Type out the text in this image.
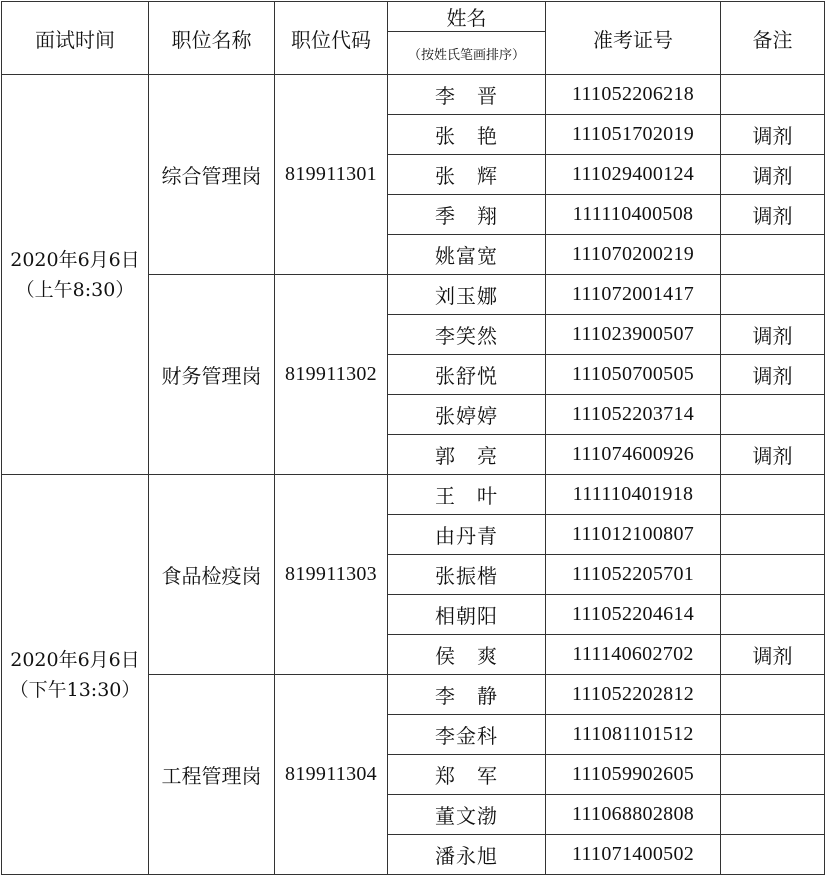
面试时间	职位名称	职位代码	姓名	准考证号	备注
			（按姓氏笔画排序）		

2020年6月6日
（上午8:30）	综合管理岗	819911301	李　晋	111052206218	
			张　艳	111051702019	调剂
			张　辉	111029400124	调剂
			季　翔	111110400508	调剂
			姚富宽	111070200219	
	财务管理岗	819911302	刘玉娜	111072001417	
			李笑然	111023900507	调剂
			张舒悦	111050700505	调剂
			张婷婷	111052203714	
			郭　亮	111074600926	调剂

2020年6月6日
（下午13:30）	食品检疫岗	819911303	王　叶	111110401918	
			由丹青	111012100807	
			张振楷	111052205701	
			相朝阳	111052204614	
			侯　爽	111140602702	调剂
	工程管理岗	819911304	李　静	111052202812	
			李金科	111081101512	
			郑　军	111059902605	
			董文渤	111068802808	
			潘永旭	111071400502	
